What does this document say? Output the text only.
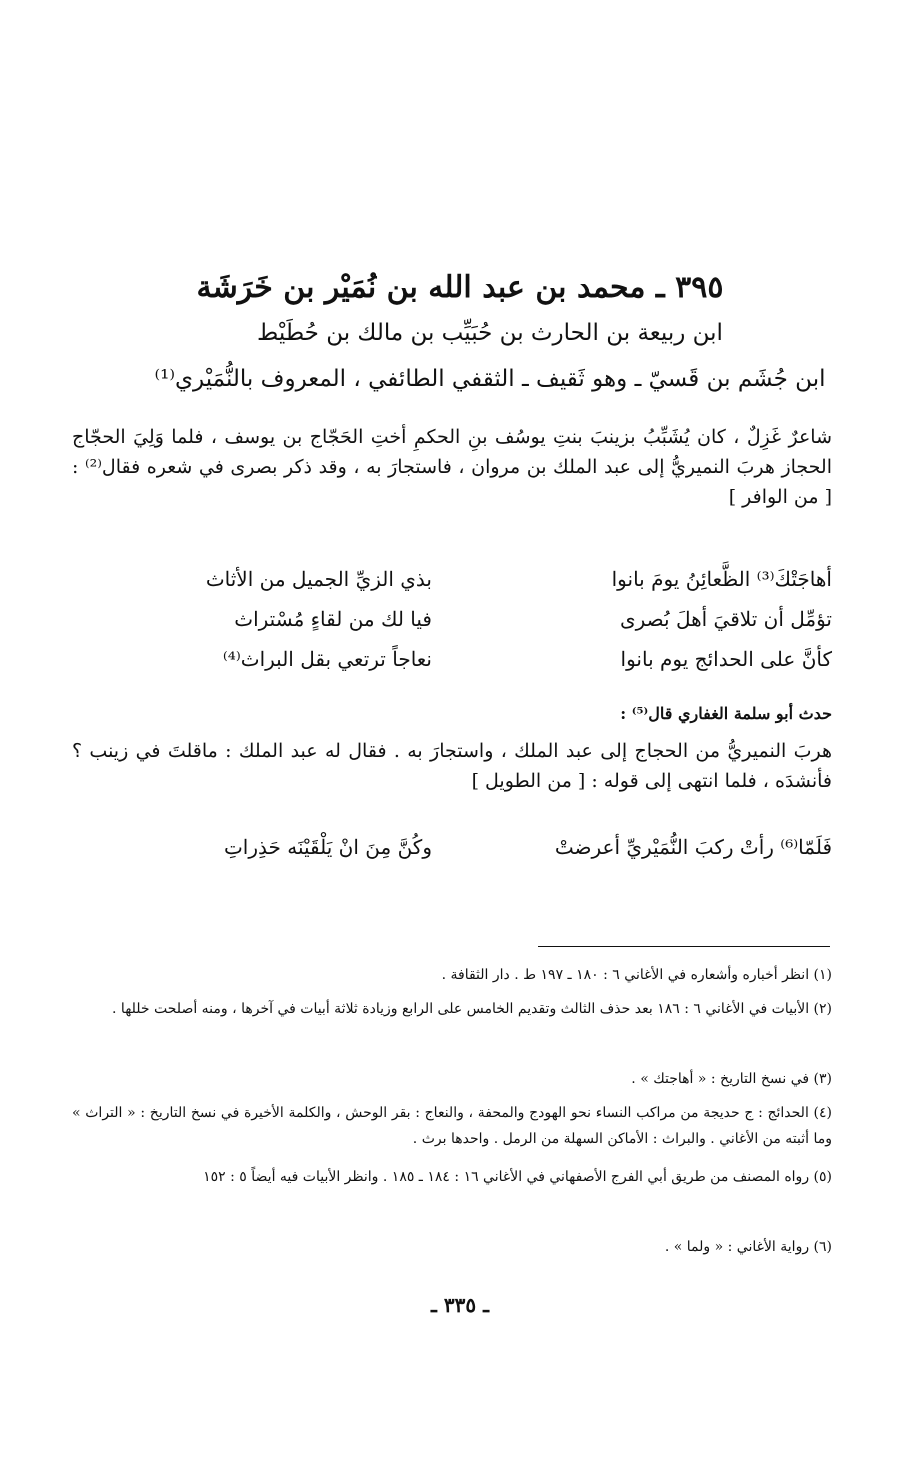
٣٩٥ ـ محمد بن عبد الله بن نُمَيْر بن خَرَشَة
ابن ربيعة بن الحارث بن حُبَيِّب بن مالك بن حُطَيْط
ابن جُشَم بن قَسيّ ـ وهو ثَقيف ـ الثقفي الطائفي ، المعروف بالنُّمَيْري⁽¹⁾
شاعرٌ غَزِلٌ ، كان يُشَبِّبُ بزينبَ بنتِ يوسُف بنِ الحكمِ أختِ الحَجّاج بن يوسف ، فلما وَلِيَ الحجّاج الحجاز هربَ النميريُّ إلى عبد الملك بن مروان ، فاستجارَ به ، وقد ذكر بصرى في شعره فقال⁽²⁾ : [ من الوافر ]
أهاجَتْكَ⁽³⁾ الظَّعائِنُ يومَ بانوا
بذي الزيِّ الجميل من الأثاث
تؤمِّل أن تلاقيَ أهلَ بُصرى
فيا لك من لقاءٍ مُسْتراث
كأنَّ على الحدائج يوم بانوا
نعاجاً ترتعي بقل البراث⁽⁴⁾
حدث أبو سلمة الغفاري قال⁽⁵⁾ :
هربَ النميريُّ من الحجاج إلى عبد الملك ، واستجارَ به . فقال له عبد الملك : ماقلتَ في زينب ؟ فأنشدَه ، فلما انتهى إلى قوله : [ من الطويل ]
فَلَمّا⁽⁶⁾ رأتْ ركبَ النُّمَيْريِّ أعرضتْ
وكُنَّ مِنَ انْ يَلْقَيْنَه حَذِراتِ
(١) انظر أخباره وأشعاره في الأغاني ٦ : ١٨٠ ـ ١٩٧ ط . دار الثقافة .
(٢) الأبيات في الأغاني ٦ : ١٨٦ بعد حذف الثالث وتقديم الخامس على الرابع وزيادة ثلاثة أبيات في آخرها ، ومنه أصلحت خللها .
(٣) في نسخ التاريخ : « أهاجتك » .
(٤) الحدائج : ج حديجة من مراكب النساء نحو الهودج والمحفة ، والنعاج : بقر الوحش ، والكلمة الأخيرة في نسخ التاريخ : « التراث » وما أثبته من الأغاني . والبراث : الأماكن السهلة من الرمل . واحدها برث .
(٥) رواه المصنف من طريق أبي الفرج الأصفهاني في الأغاني ١٦ : ١٨٤ ـ ١٨٥ . وانظر الأبيات فيه أيضاً ٥ : ١٥٢
(٦) رواية الأغاني : « ولما » .
ـ ٣٣٥ ـ
